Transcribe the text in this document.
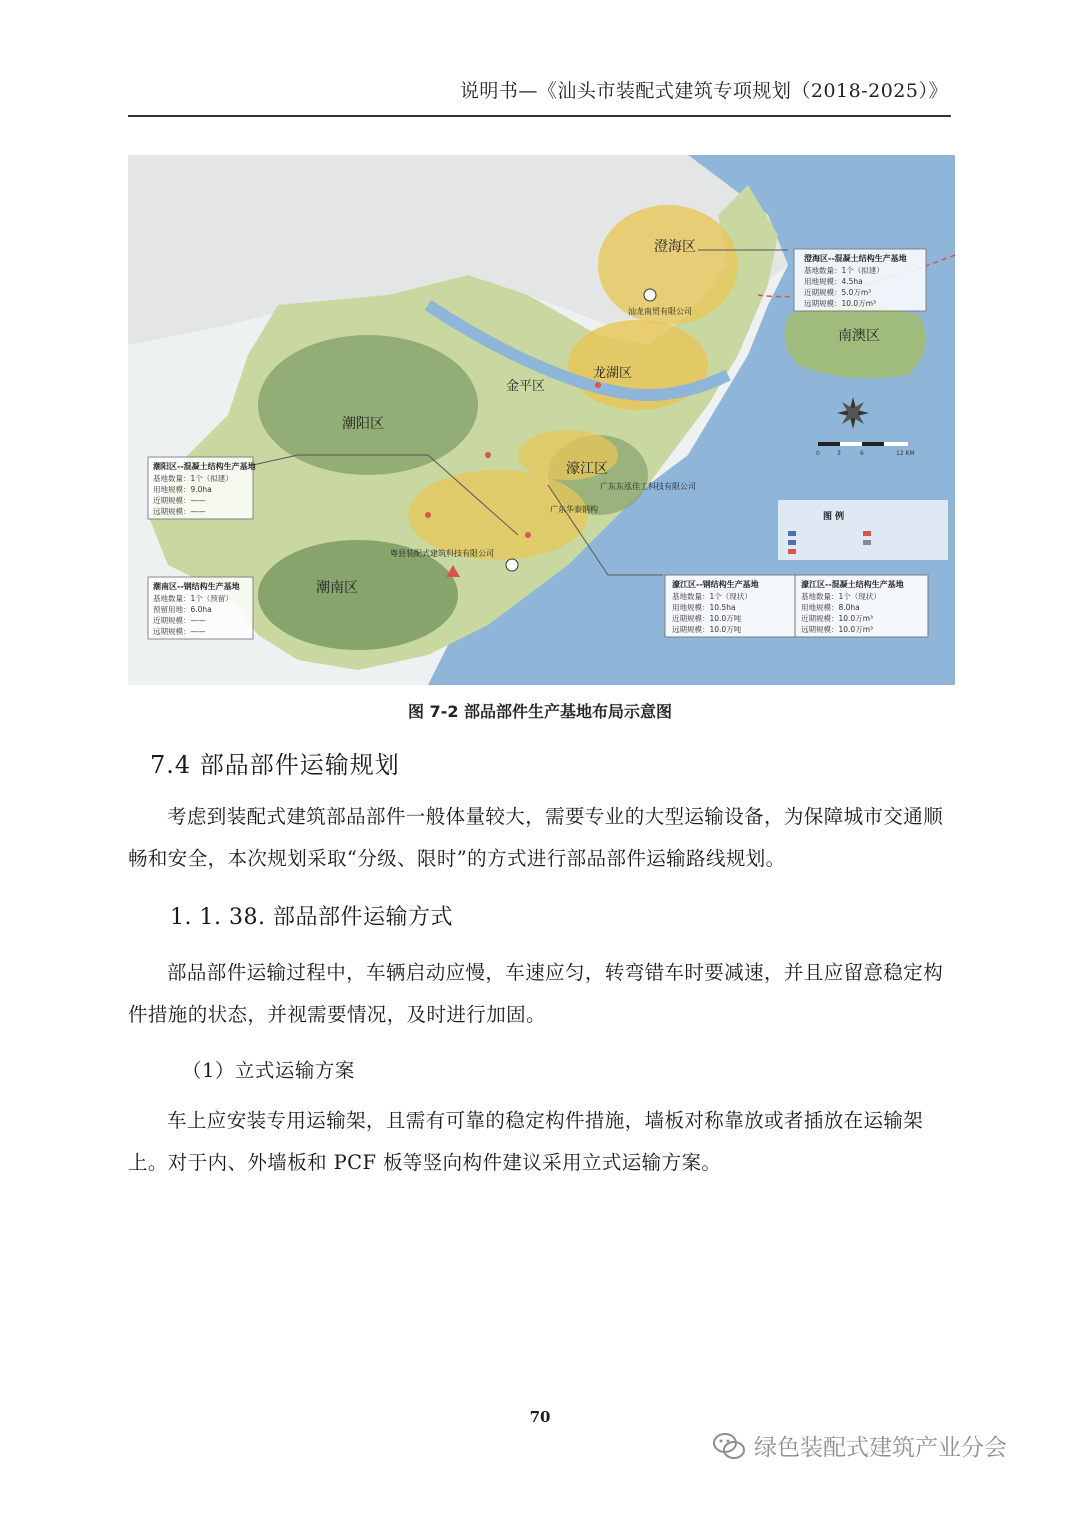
说明书—《汕头市装配式建筑专项规划（2018-2025）》
澄海区
南澳区
金平区
龙湖区
潮阳区
濠江区
潮南区
汕龙南贸有限公司
广东东泓佳工科技有限公司
广东华泰钢构
粤县装配式建筑科技有限公司
澄海区--混凝土结构生产基地
基地数量：1个（拟建）
用地规模：4.5ha
近期规模：5.0万m³
远期规模：10.0万m³
潮阳区--混凝土结构生产基地
基地数量：1个（拟建）
用地规模：9.0ha
近期规模：——
远期规模：——
潮南区--钢结构生产基地
基地数量：1个（预留）
预留用地：6.0ha
近期规模：——
远期规模：——
濠江区--钢结构生产基地
基地数量：1个（现状）
用地规模：10.5ha
近期规模：10.0万吨
远期规模：10.0万吨
濠江区--混凝土结构生产基地
基地数量：1个（现状）
用地规模：8.0ha
近期规模：10.0万m³
远期规模：10.0万m³
0	3	6	12 KM
图 例
图 7-2 部品部件生产基地布局示意图
7.4 部品部件运输规划
考虑到装配式建筑部品部件一般体量较大，需要专业的大型运输设备，为保障城市交通顺畅和安全，本次规划采取“分级、限时”的方式进行部品部件运输路线规划。
1. 1. 38. 部品部件运输方式
部品部件运输过程中，车辆启动应慢，车速应匀，转弯错车时要减速，并且应留意稳定构件措施的状态，并视需要情况，及时进行加固。
（1）立式运输方案
车上应安装专用运输架，且需有可靠的稳定构件措施，墙板对称靠放或者插放在运输架上。对于内、外墙板和 PCF 板等竖向构件建议采用立式运输方案。
70
绿色装配式建筑产业分会
